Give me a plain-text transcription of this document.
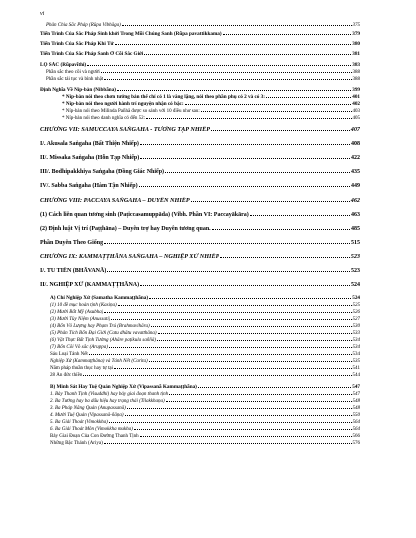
vi
Phân Chia Sắc Pháp (Rūpa Vibhāga)	375
Tiến Trình Của Sắc Pháp Sinh khởi Trong Mỗi Chúng Sanh (Rūpa pavattikkama)	379
Tiến Trình Của Sắc Pháp Khi Tử	380
Tiến Trình Của Sắc Pháp Sanh Ở Cõi Sắc Giới	381
LỘ SẮC (Rūpavīthi)	383
Phần sắc theo cõi và người	388
Phần sắc tái tục và bình nhật	388
Định Nghĩa Về Níp-bàn (Nibbāna)	399
* Níp-bàn nói theo chơn tướng bản thể chỉ có 1 là vắng lặng, nói theo phần phụ có 2 và có 3:	401
* Níp-bàn nói theo người hành trí nguyện nhận có bậc:	402
* Níp-bàn nói theo Milinda Pañhā được so sánh với 10 điều như sau:	403
* Níp-bàn nói theo danh nghĩa có đến 52:	405
CHƯƠNG VII: SAMUCCAYA SAṄGAHA - TƯƠNG TẠP NHIẾP	407
I/. Akusala Saṅgaha (Bất Thiện Nhiếp)	408
II/. Missaka Saṅgaha (Hỗn Tạp Nhiếp)	422
III/. Bodhipakkhiya Saṅgaha (Đồng Giác Nhiếp)	435
IV/. Sabba Saṅgaha (Hàm Tận Nhiếp)	449
CHƯƠNG VIII: PACCAYA SAṄGAHA – DUYÊN NHIẾP	462
(1) Cách liên quan tương sinh (Paṭiccasamuppāda) (Vibh. Phần VI: Paccayākāra)	463
(2) Định luật Vị trí (Paṭṭhāna) – Duyên trợ hay Duyên tương quan.	485
Phần Duyên Theo Giống	515
CHƯƠNG IX: KAMMAṬṬHĀNA SAṄGAHA – NGHIỆP XỨ NHIẾP	523
I/. TU TIẾN (BHĀVANĀ)	523
II/. NGHIỆP XỨ (KAMMAṬṬHĀNA)	524
A) Chỉ Nghiệp Xứ (Samatha Kammaṭṭhāna)	524
(1) 10 đề mục hoàn tịnh (Kasiṇa)	525
(2) Mười Bất Mỹ (Asubha)	526
(3) Mười Tùy Niệm (Anussati)	527
(4) Bốn Vô Lượng hay Phạm Trú (Brahmavihāra)	530
(5) Phân Tích Bốn Đại Giới (Catu dhātu vavatthāna)	533
(6) Vật Thực Bất Tịnh Tưởng (Āhāre paṭikula saññā)	534
(7) Bốn Cõi Vô sắc (Āruppa)	534
Sáu Loại Tánh Nết	534
Nghiệp Xứ (Kammaṭṭhāna) và Tánh Nết (Carita)	535
Năm pháp thuần thục hay tự tại	541
28 Ân đức thiền	544
B) Minh Sát Hay Tuệ Quán Nghiệp Xứ (Vipassanā Kammaṭṭhāna)	547
1. Bảy Thanh Tịnh (Visuddhi) hay bảy giai đoạn thanh tịnh	547
2. Ba Tướng hay ba dấu hiệu hay trạng thái (Tilakkhaṇa)	548
3. Ba Pháp Nâng Quán (Anupassanā)	548
4. Mười Tuệ Quán (Vipassanā-ñāṇa)	550
5. Ba Giải Thoát (Vimokkha)	564
6. Ba Giải Thoát Môn (Vimokkha mukha)	564
Bảy Giai Đoạn Của Con Đường Thanh Tịnh	566
Những Bậc Thánh (Ariya)	576
